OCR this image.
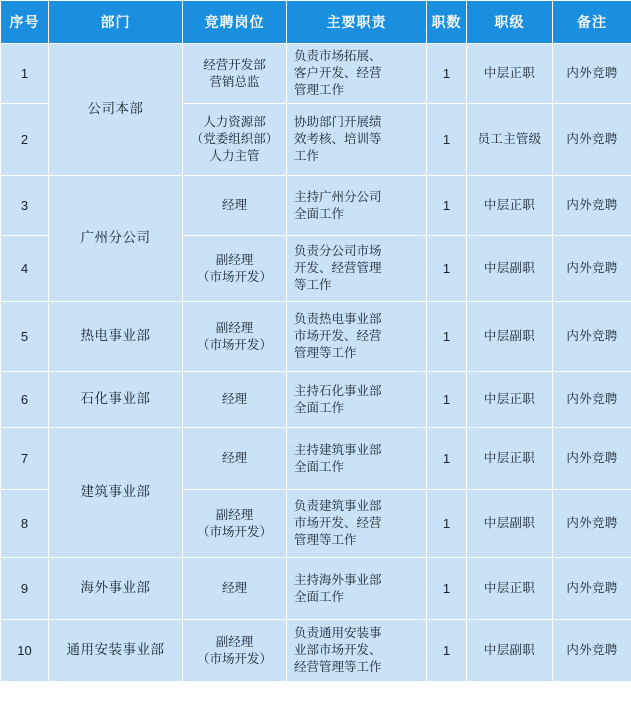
序号	部门	竞聘岗位	主要职责	职数	职级	备注
1	公司本部	经营开发部
营销总监	负责市场拓展、
客户开发、经营
管理工作	1	中层正职	内外竞聘
2		人力资源部
（党委组织部）
人力主管	协助部门开展绩
效考核、培训等
工作	1	员工主管级	内外竞聘
3	广州分公司	经理	主持广州分公司
全面工作	1	中层正职	内外竞聘
4		副经理
（市场开发）	负责分公司市场
开发、经营管理
等工作	1	中层副职	内外竞聘
5	热电事业部	副经理
（市场开发）	负责热电事业部
市场开发、经营
管理等工作	1	中层副职	内外竞聘
6	石化事业部	经理	主持石化事业部
全面工作	1	中层正职	内外竞聘
7	建筑事业部	经理	主持建筑事业部
全面工作	1	中层正职	内外竞聘
8		副经理
（市场开发）	负责建筑事业部
市场开发、经营
管理等工作	1	中层副职	内外竞聘
9	海外事业部	经理	主持海外事业部
全面工作	1	中层正职	内外竞聘
10	通用安装事业部	副经理
（市场开发）	负责通用安装事
业部市场开发、
经营管理等工作	1	中层副职	内外竞聘
